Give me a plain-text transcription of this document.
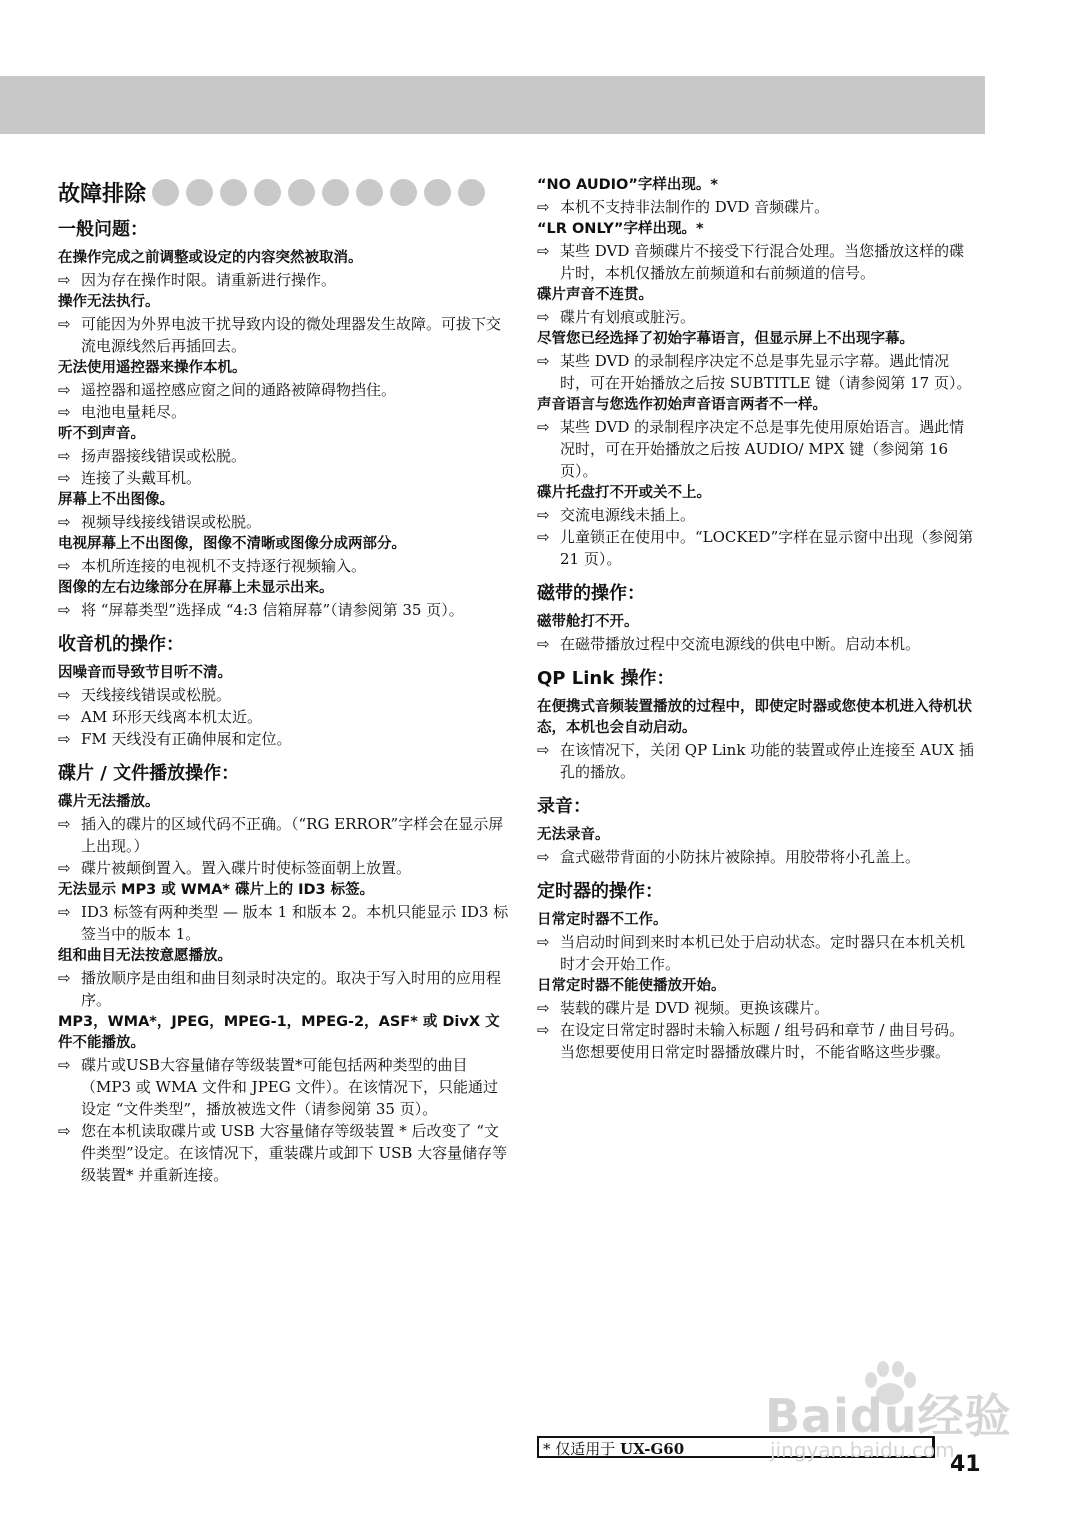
故障排除
一般问题：
在操作完成之前调整或设定的内容突然被取消。
⇨ 因为存在操作时限。请重新进行操作。
操作无法执行。
⇨ 可能因为外界电波干扰导致内设的微处理器发生故障。可拔下交流电源线然后再插回去。
无法使用遥控器来操作本机。
⇨ 遥控器和遥控感应窗之间的通路被障碍物挡住。
⇨ 电池电量耗尽。
听不到声音。
⇨ 扬声器接线错误或松脱。
⇨ 连接了头戴耳机。
屏幕上不出图像。
⇨ 视频导线接线错误或松脱。
电视屏幕上不出图像，图像不清晰或图像分成两部分。
⇨ 本机所连接的电视机不支持逐行视频输入。
图像的左右边缘部分在屏幕上未显示出来。
⇨ 将 “屏幕类型”选择成 “4:3 信箱屏幕”（请参阅第 35 页）。
收音机的操作：
因噪音而导致节目听不清。
⇨ 天线接线错误或松脱。
⇨ AM 环形天线离本机太近。
⇨ FM 天线没有正确伸展和定位。
碟片 / 文件播放操作：
碟片无法播放。
⇨ 插入的碟片的区域代码不正确。（“RG ERROR”字样会在显示屏上出现。）
⇨ 碟片被颠倒置入。置入碟片时使标签面朝上放置。
无法显示 MP3 或 WMA* 碟片上的 ID3 标签。
⇨ ID3 标签有两种类型 — 版本 1 和版本 2。本机只能显示 ID3 标签当中的版本 1。
组和曲目无法按意愿播放。
⇨ 播放顺序是由组和曲目刻录时决定的。取决于写入时用的应用程序。
MP3，WMA*，JPEG，MPEG-1，MPEG-2，ASF* 或 DivX 文件不能播放。
⇨ 碟片或USB大容量储存等级装置*可能包括两种类型的曲目（MP3 或 WMA 文件和 JPEG 文件）。在该情况下，只能通过设定 “文件类型”，播放被选文件（请参阅第 35 页）。
⇨ 您在本机读取碟片或 USB 大容量储存等级装置 * 后改变了 “文件类型”设定。在该情况下，重装碟片或卸下 USB 大容量储存等级装置* 并重新连接。
“NO AUDIO”字样出现。*
⇨ 本机不支持非法制作的 DVD 音频碟片。
“LR ONLY”字样出现。*
⇨ 某些 DVD 音频碟片不接受下行混合处理。当您播放这样的碟片时，本机仅播放左前频道和右前频道的信号。
碟片声音不连贯。
⇨ 碟片有划痕或脏污。
尽管您已经选择了初始字幕语言，但显示屏上不出现字幕。
⇨ 某些 DVD 的录制程序决定不总是事先显示字幕。遇此情况时，可在开始播放之后按 SUBTITLE 键（请参阅第 17 页）。
声音语言与您选作初始声音语言两者不一样。
⇨ 某些 DVD 的录制程序决定不总是事先使用原始语言。遇此情况时，可在开始播放之后按 AUDIO/ MPX 键（参阅第 16 页）。
碟片托盘打不开或关不上。
⇨ 交流电源线未插上。
⇨ 儿童锁正在使用中。“LOCKED”字样在显示窗中出现（参阅第 21 页）。
磁带的操作：
磁带舱打不开。
⇨ 在磁带播放过程中交流电源线的供电中断。启动本机。
QP Link 操作：
在便携式音频装置播放的过程中，即使定时器或您使本机进入待机状态，本机也会自动启动。
⇨ 在该情况下，关闭 QP Link 功能的装置或停止连接至 AUX 插孔的播放。
录音：
无法录音。
⇨ 盒式磁带背面的小防抹片被除掉。用胶带将小孔盖上。
定时器的操作：
日常定时器不工作。
⇨ 当启动时间到来时本机已处于启动状态。定时器只在本机关机时才会开始工作。
日常定时器不能使播放开始。
⇨ 装载的碟片是 DVD 视频。更换该碟片。
⇨ 在设定日常定时器时未输入标题 / 组号码和章节 / 曲目号码。当您想要使用日常定时器播放碟片时，不能省略这些步骤。
* 仅适用于 UX-G60
41
Baidu经验
jingyan.baidu.com
